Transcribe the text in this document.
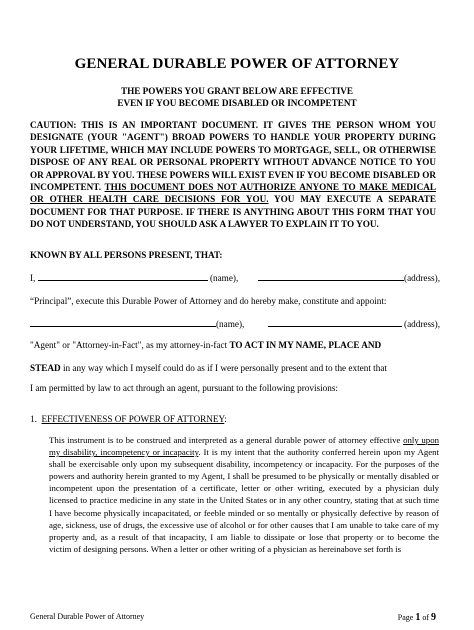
GENERAL DURABLE POWER OF ATTORNEY
THE POWERS YOU GRANT BELOW ARE EFFECTIVE
EVEN IF YOU BECOME DISABLED OR INCOMPETENT
CAUTION: THIS IS AN IMPORTANT DOCUMENT. IT GIVES THE PERSON WHOM YOU DESIGNATE (YOUR "AGENT") BROAD POWERS TO HANDLE YOUR PROPERTY DURING YOUR LIFETIME, WHICH MAY INCLUDE POWERS TO MORTGAGE, SELL, OR OTHERWISE DISPOSE OF ANY REAL OR PERSONAL PROPERTY WITHOUT ADVANCE NOTICE TO YOU OR APPROVAL BY YOU. THESE POWERS WILL EXIST EVEN IF YOU BECOME DISABLED OR INCOMPETENT. THIS DOCUMENT DOES NOT AUTHORIZE ANYONE TO MAKE MEDICAL OR OTHER HEALTH CARE DECISIONS FOR YOU. YOU MAY EXECUTE A SEPARATE DOCUMENT FOR THAT PURPOSE. IF THERE IS ANYTHING ABOUT THIS FORM THAT YOU DO NOT UNDERSTAND, YOU SHOULD ASK A LAWYER TO EXPLAIN IT TO YOU.
KNOWN BY ALL PERSONS PRESENT, THAT:
I,	(name),	(address),
“Principal”, execute this Durable Power of Attorney and do hereby make, constitute and appoint:
(name),	(address),
"Agent" or "Attorney-in-Fact", as my attorney-in-fact TO ACT IN MY NAME, PLACE AND
STEAD in any way which I myself could do as if I were personally present and to the extent that
I am permitted by law to act through an agent, pursuant to the following provisions:
1. EFFECTIVENESS OF POWER OF ATTORNEY:
This instrument is to be construed and interpreted as a general durable power of attorney effective only upon my disability, incompetency or incapacity. It is my intent that the authority conferred herein upon my Agent shall be exercisable only upon my subsequent disability, incompetency or incapacity. For the purposes of the powers and authority herein granted to my Agent, I shall be presumed to be physically or mentally disabled or incompetent upon the presentation of a certificate, letter or other writing, executed by a physician duly licensed to practice medicine in any state in the United States or in any other country, stating that at such time I have become physically incapacitated, or feeble minded or so mentally or physically defective by reason of age, sickness, use of drugs, the excessive use of alcohol or for other causes that I am unable to take care of my property and, as a result of that incapacity, I am liable to dissipate or lose that property or to become the victim of designing persons. When a letter or other writing of a physician as hereinabove set forth is
General Durable Power of Attorney	Page 1 of 9
